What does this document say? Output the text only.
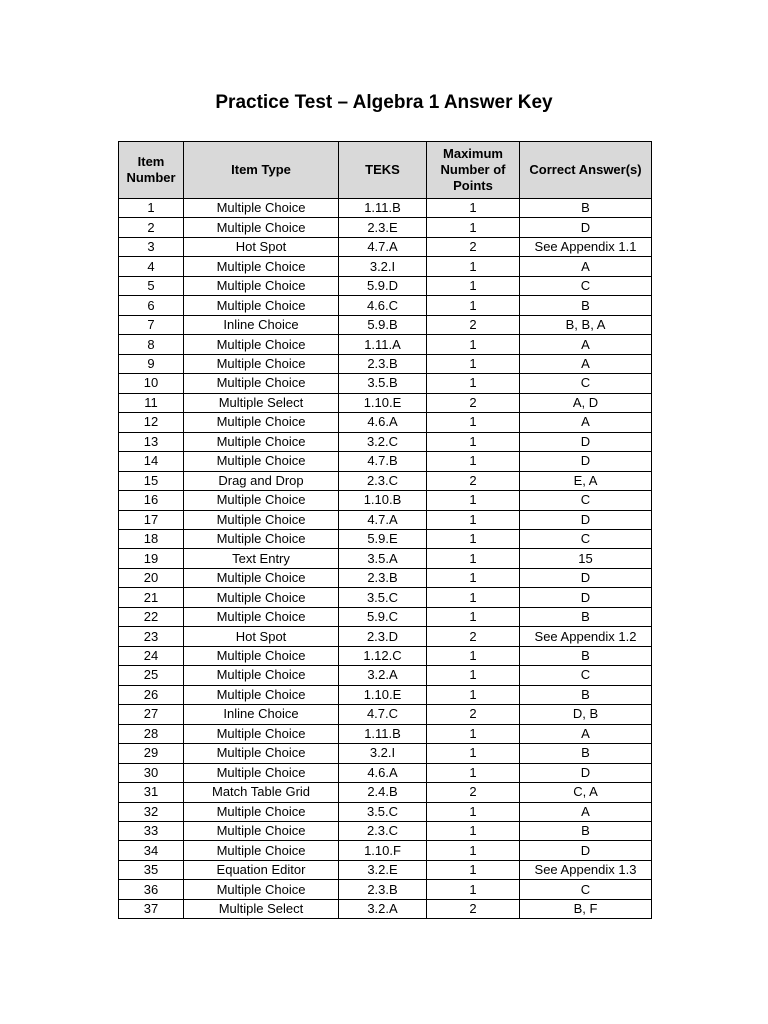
Practice Test – Algebra 1 Answer Key
Item Number	Item Type	TEKS	Maximum Number of Points	Correct Answer(s)
1	Multiple Choice	1.11.B	1	B
2	Multiple Choice	2.3.E	1	D
3	Hot Spot	4.7.A	2	See Appendix 1.1
4	Multiple Choice	3.2.I	1	A
5	Multiple Choice	5.9.D	1	C
6	Multiple Choice	4.6.C	1	B
7	Inline Choice	5.9.B	2	B, B, A
8	Multiple Choice	1.11.A	1	A
9	Multiple Choice	2.3.B	1	A
10	Multiple Choice	3.5.B	1	C
11	Multiple Select	1.10.E	2	A, D
12	Multiple Choice	4.6.A	1	A
13	Multiple Choice	3.2.C	1	D
14	Multiple Choice	4.7.B	1	D
15	Drag and Drop	2.3.C	2	E, A
16	Multiple Choice	1.10.B	1	C
17	Multiple Choice	4.7.A	1	D
18	Multiple Choice	5.9.E	1	C
19	Text Entry	3.5.A	1	15
20	Multiple Choice	2.3.B	1	D
21	Multiple Choice	3.5.C	1	D
22	Multiple Choice	5.9.C	1	B
23	Hot Spot	2.3.D	2	See Appendix 1.2
24	Multiple Choice	1.12.C	1	B
25	Multiple Choice	3.2.A	1	C
26	Multiple Choice	1.10.E	1	B
27	Inline Choice	4.7.C	2	D, B
28	Multiple Choice	1.11.B	1	A
29	Multiple Choice	3.2.I	1	B
30	Multiple Choice	4.6.A	1	D
31	Match Table Grid	2.4.B	2	C, A
32	Multiple Choice	3.5.C	1	A
33	Multiple Choice	2.3.C	1	B
34	Multiple Choice	1.10.F	1	D
35	Equation Editor	3.2.E	1	See Appendix 1.3
36	Multiple Choice	2.3.B	1	C
37	Multiple Select	3.2.A	2	B, F
